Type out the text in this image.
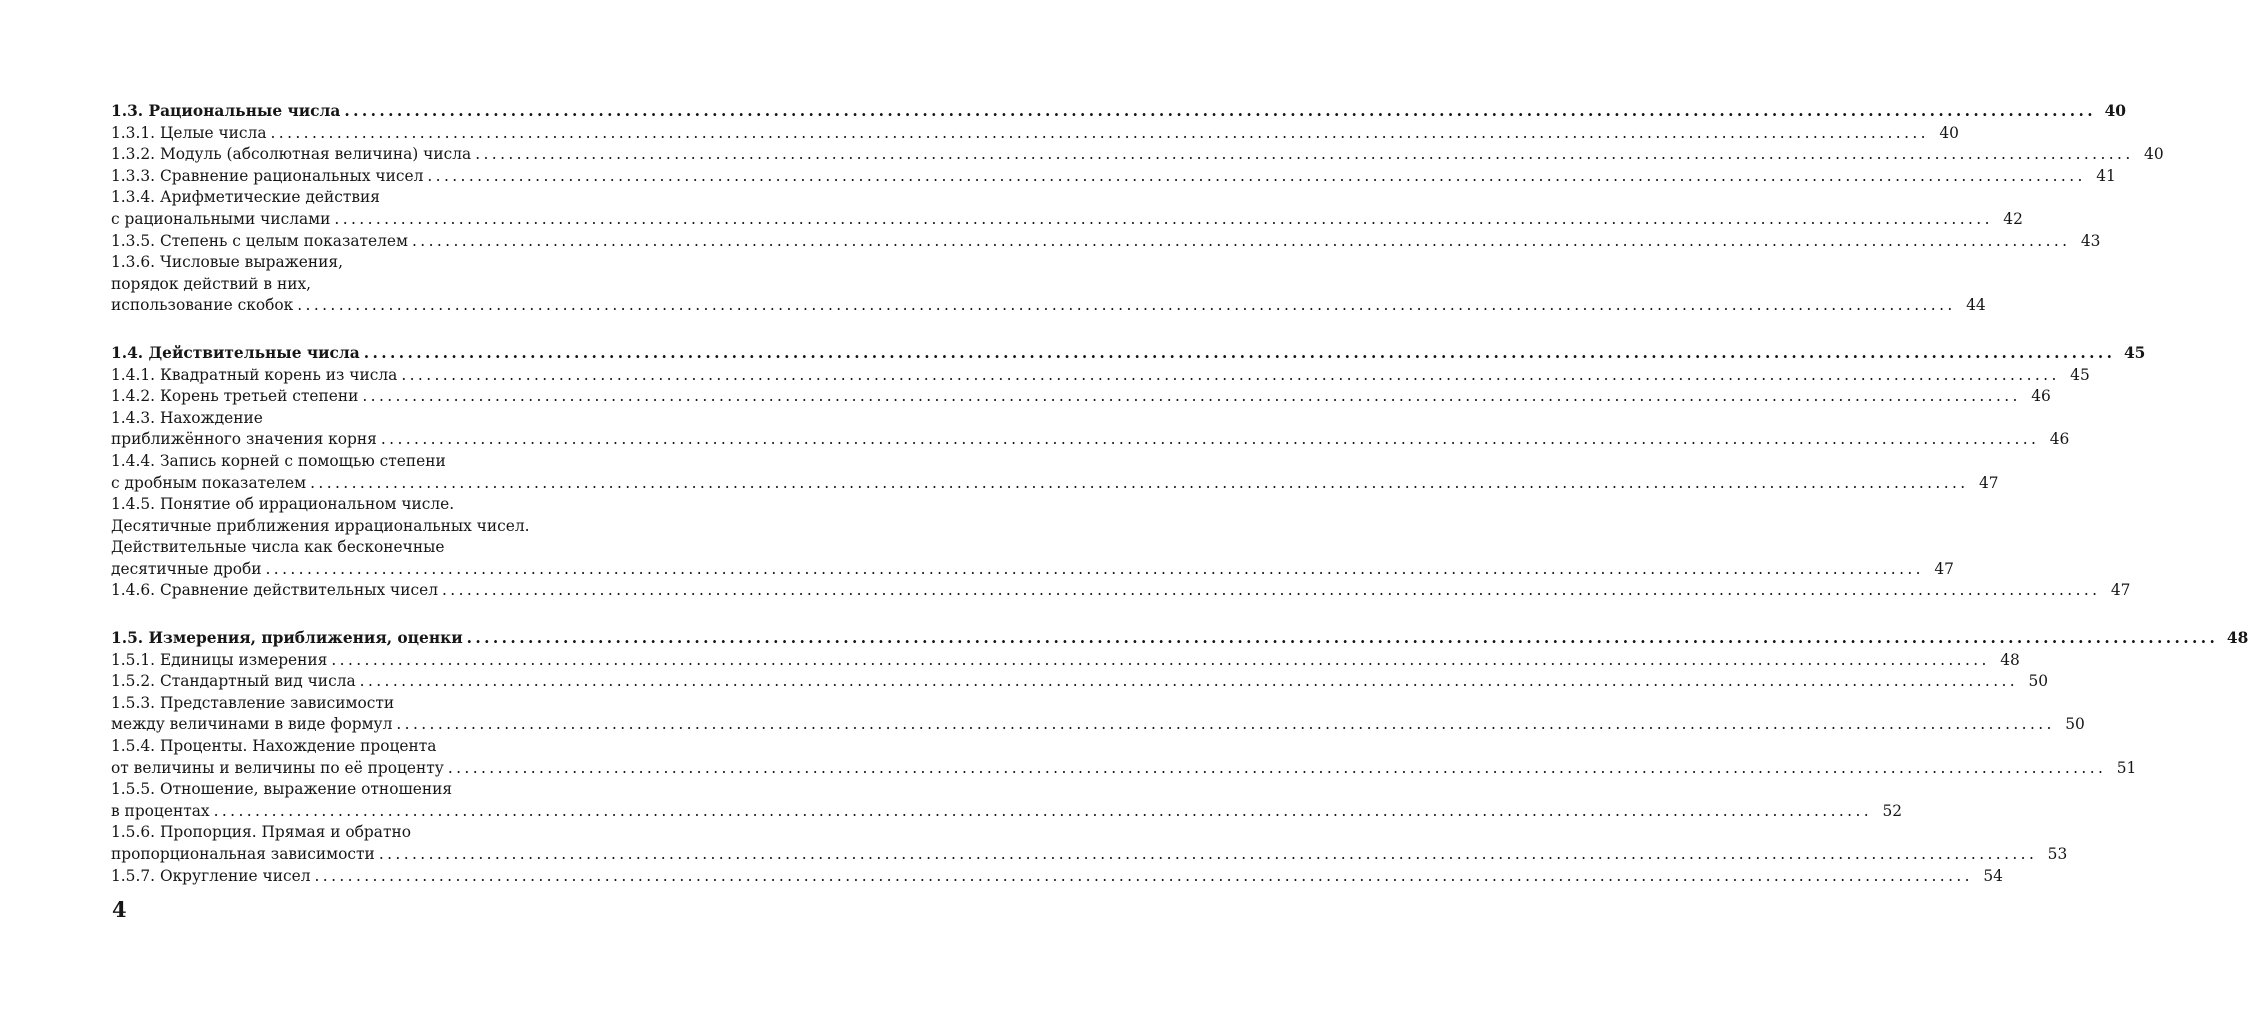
1.3. Рациональные числа ........................................................................................................................................................................................................ 40
1.3.1. Целые числа ........................................................................................................................................................................................................ 40
1.3.2. Модуль (абсолютная величина) числа ........................................................................................................................................................................................................ 40
1.3.3. Сравнение рациональных чисел ........................................................................................................................................................................................................ 41
1.3.4. Арифметические действия
с рациональными числами ........................................................................................................................................................................................................ 42
1.3.5. Степень с целым показателем ........................................................................................................................................................................................................ 43
1.3.6. Числовые выражения,
порядок действий в них,
использование скобок ........................................................................................................................................................................................................ 44
1.4. Действительные числа ........................................................................................................................................................................................................ 45
1.4.1. Квадратный корень из числа ........................................................................................................................................................................................................ 45
1.4.2. Корень третьей степени ........................................................................................................................................................................................................ 46
1.4.3. Нахождение
приближённого значения корня ........................................................................................................................................................................................................ 46
1.4.4. Запись корней с помощью степени
с дробным показателем ........................................................................................................................................................................................................ 47
1.4.5. Понятие об иррациональном числе.
Десятичные приближения иррациональных чисел.
Действительные числа как бесконечные
десятичные дроби ........................................................................................................................................................................................................ 47
1.4.6. Сравнение действительных чисел ........................................................................................................................................................................................................ 47
1.5. Измерения, приближения, оценки ........................................................................................................................................................................................................ 48
1.5.1. Единицы измерения ........................................................................................................................................................................................................ 48
1.5.2. Стандартный вид числа ........................................................................................................................................................................................................ 50
1.5.3. Представление зависимости
между величинами в виде формул ........................................................................................................................................................................................................ 50
1.5.4. Проценты. Нахождение процента
от величины и величины по её проценту ........................................................................................................................................................................................................ 51
1.5.5. Отношение, выражение отношения
в процентах ........................................................................................................................................................................................................ 52
1.5.6. Пропорция. Прямая и обратно
пропорциональная зависимости ........................................................................................................................................................................................................ 53
1.5.7. Округление чисел ........................................................................................................................................................................................................ 54
4
